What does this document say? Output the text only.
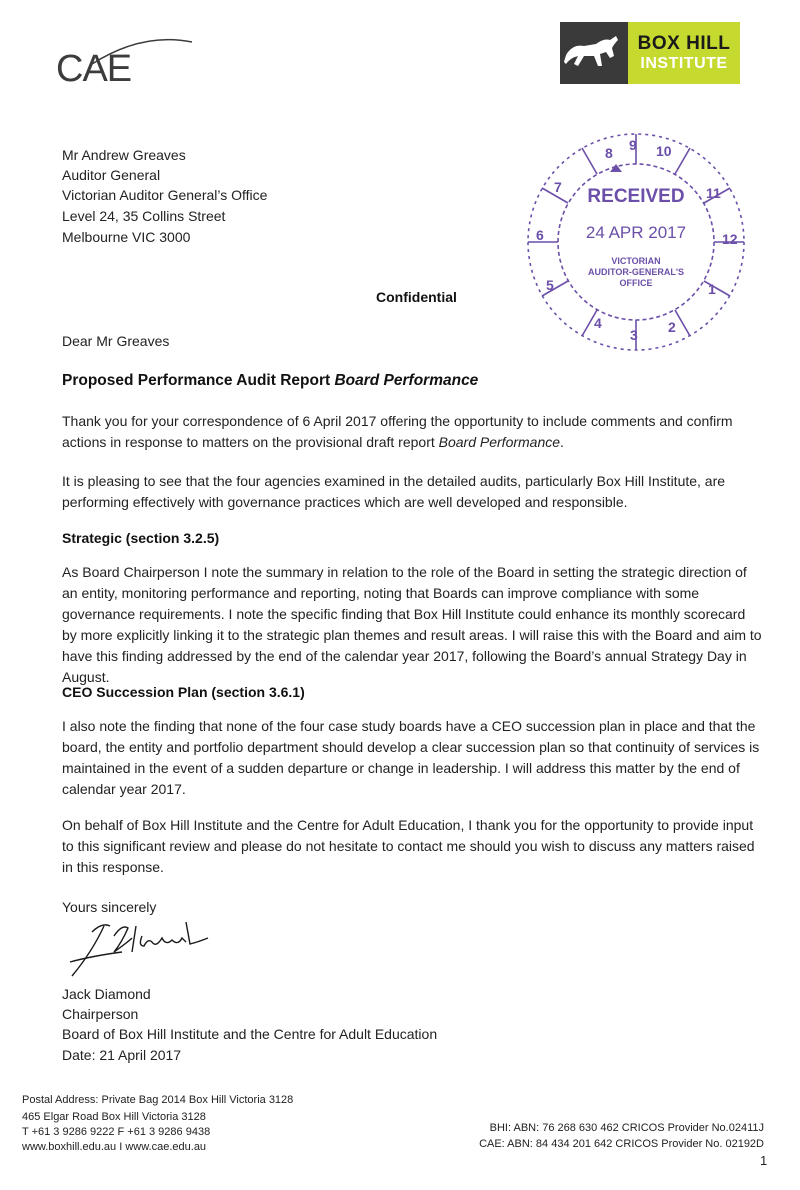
CAE
BOX HILL
INSTITUTE
Mr Andrew Greaves
Auditor General
Victorian Auditor General’s Office
Level 24, 35 Collins Street
Melbourne VIC 3000
8 9 10
7	11
6	12
5
4
3 2
1
RECEIVED
24 APR 2017
VICTORIAN
AUDITOR-GENERAL'S
OFFICE
Confidential
Dear Mr Greaves
Proposed Performance Audit Report Board Performance

Thank you for your correspondence of 6 April 2017 offering the opportunity to include comments and confirm actions in response to matters on the provisional draft report Board Performance.

It is pleasing to see that the four agencies examined in the detailed audits, particularly Box Hill Institute, are performing effectively with governance practices which are well developed and responsible.

Strategic (section 3.2.5)

As Board Chairperson I note the summary in relation to the role of the Board in setting the strategic direction of an entity, monitoring performance and reporting, noting that Boards can improve compliance with some governance requirements. I note the specific finding that Box Hill Institute could enhance its monthly scorecard by more explicitly linking it to the strategic plan themes and result areas. I will raise this with the Board and aim to have this finding addressed by the end of the calendar year 2017, following the Board’s annual Strategy Day in August.

CEO Succession Plan (section 3.6.1)

I also note the finding that none of the four case study boards have a CEO succession plan in place and that the board, the entity and portfolio department should develop a clear succession plan so that continuity of services is maintained in the event of a sudden departure or change in leadership. I will address this matter by the end of calendar year 2017.

On behalf of Box Hill Institute and the Centre for Adult Education, I thank you for the opportunity to provide input to this significant review and please do not hesitate to contact me should you wish to discuss any matters raised in this response.

Yours sincerely
Jack Diamond
Chairperson
Board of Box Hill Institute and the Centre for Adult Education
Date: 21 April 2017
Postal Address: Private Bag 2014 Box Hill Victoria 3128
465 Elgar Road Box Hill Victoria 3128
T +61 3 9286 9222 F +61 3 9286 9438
www.boxhill.edu.au I www.cae.edu.au
BHI: ABN: 76 268 630 462 CRICOS Provider No.02411J
CAE: ABN: 84 434 201 642 CRICOS Provider No. 02192D
1
